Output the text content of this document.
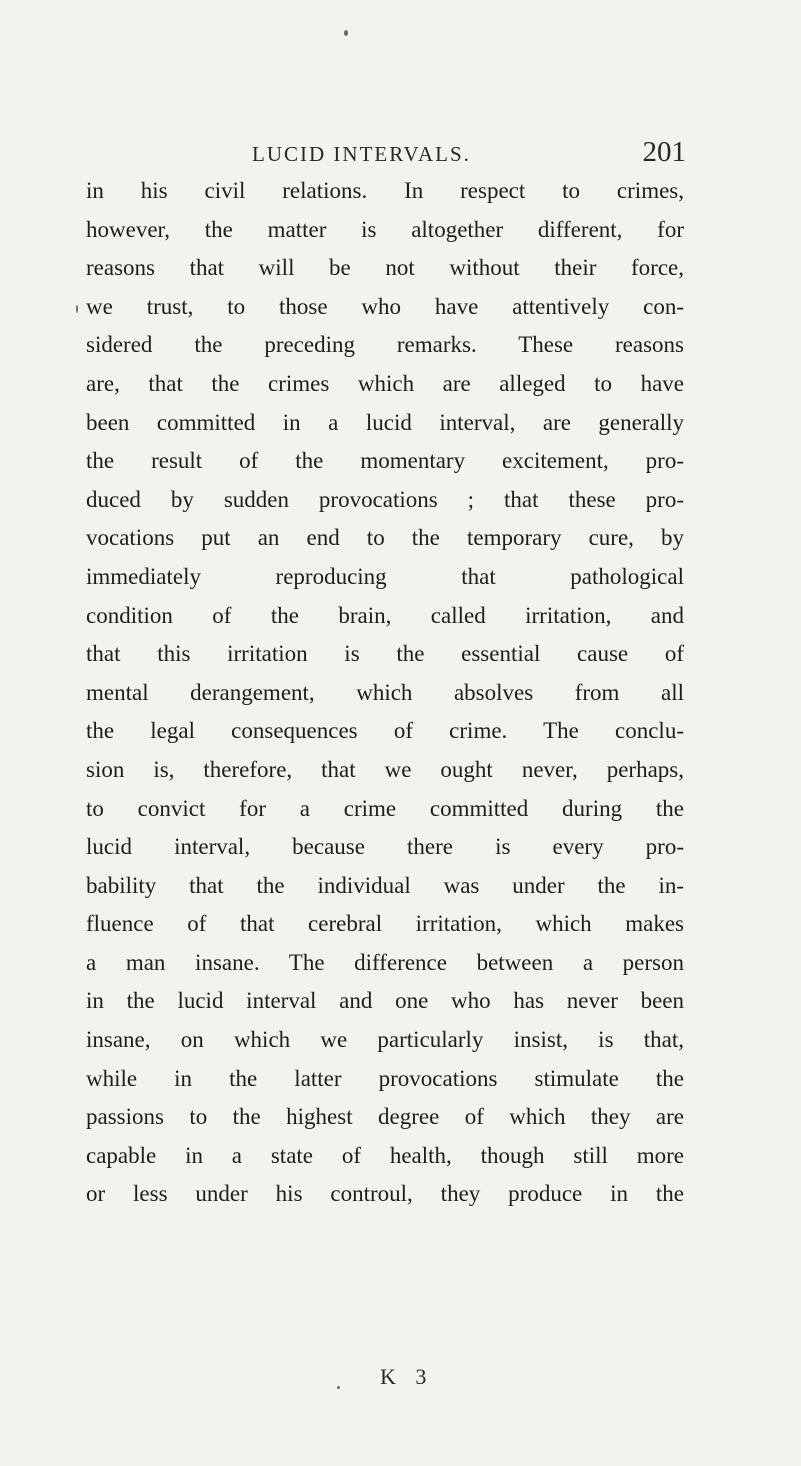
LUCID INTERVALS.	201
in his civil relations. In respect to crimes,
however, the matter is altogether different, for
reasons that will be not without their force,
we trust, to those who have attentively con-
sidered the preceding remarks. These reasons
are, that the crimes which are alleged to have
been committed in a lucid interval, are generally
the result of the momentary excitement, pro-
duced by sudden provocations ; that these pro-
vocations put an end to the temporary cure, by
immediately reproducing that pathological
condition of the brain, called irritation, and
that this irritation is the essential cause of
mental derangement, which absolves from all
the legal consequences of crime. The conclu-
sion is, therefore, that we ought never, perhaps,
to convict for a crime committed during the
lucid interval, because there is every pro-
bability that the individual was under the in-
fluence of that cerebral irritation, which makes
a man insane. The difference between a person
in the lucid interval and one who has never been
insane, on which we particularly insist, is that,
while in the latter provocations stimulate the
passions to the highest degree of which they are
capable in a state of health, though still more
or less under his controul, they produce in the
K 3
